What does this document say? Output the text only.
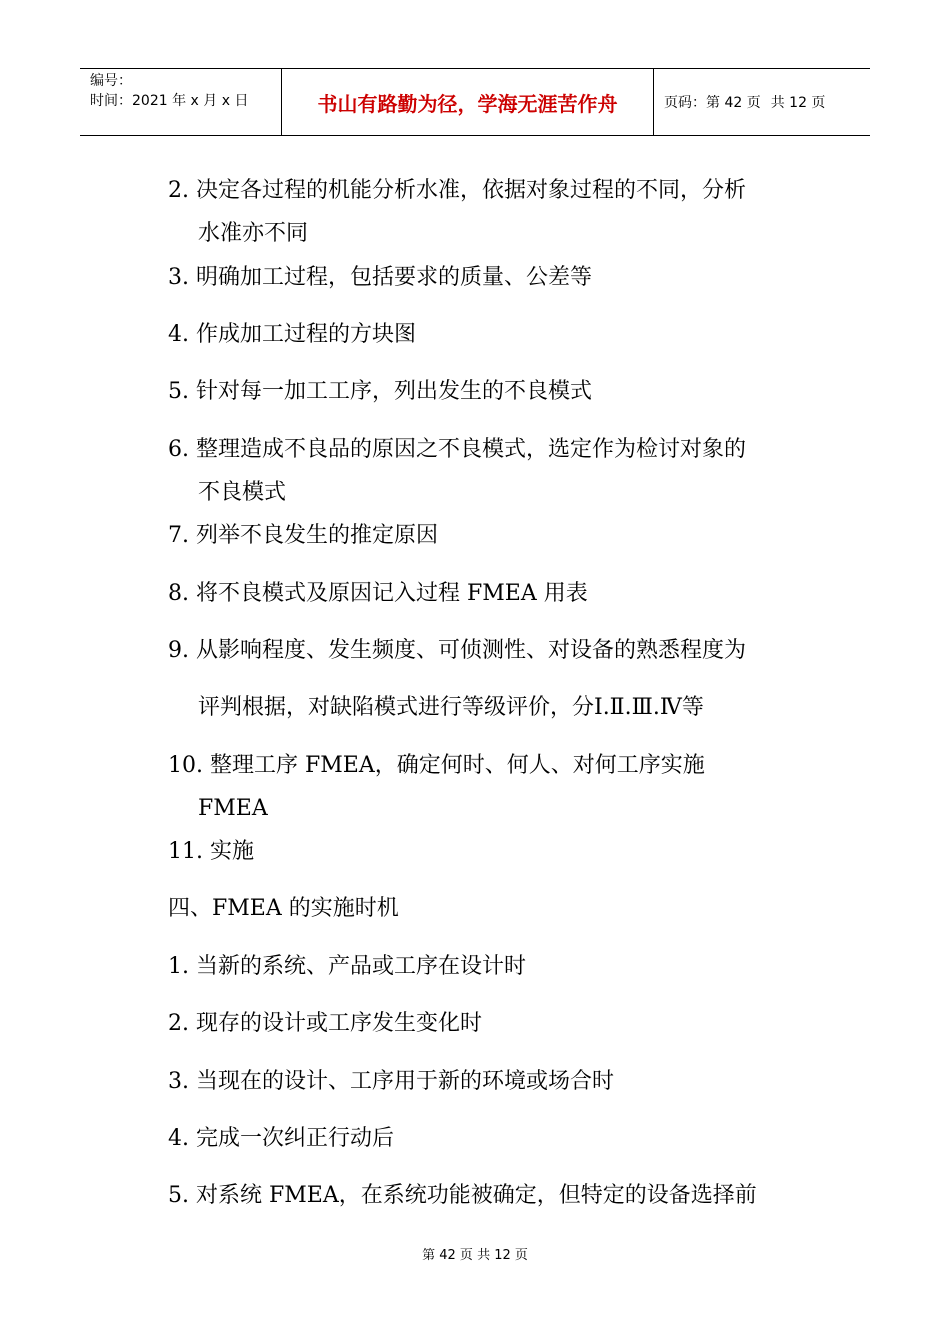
编号：
时间：2021 年 x 月 x 日	书山有路勤为径，学海无涯苦作舟	页码：第 42 页 共 12 页
2. 决定各过程的机能分析水准，依据对象过程的不同，分析
水准亦不同
3. 明确加工过程，包括要求的质量、公差等
4. 作成加工过程的方块图
5. 针对每一加工工序，列出发生的不良模式
6. 整理造成不良品的原因之不良模式，选定作为检讨对象的
不良模式
7. 列举不良发生的推定原因
8. 将不良模式及原因记入过程 FMEA 用表
9. 从影响程度、发生频度、可侦测性、对设备的熟悉程度为
评判根据，对缺陷模式进行等级评价，分Ⅰ.Ⅱ.Ⅲ.Ⅳ等
10. 整理工序 FMEA，确定何时、何人、对何工序实施
FMEA
11. 实施
四、FMEA 的实施时机
1. 当新的系统、产品或工序在设计时
2. 现存的设计或工序发生变化时
3. 当现在的设计、工序用于新的环境或场合时
4. 完成一次纠正行动后
5. 对系统 FMEA，在系统功能被确定，但特定的设备选择前
第 42 页 共 12 页
